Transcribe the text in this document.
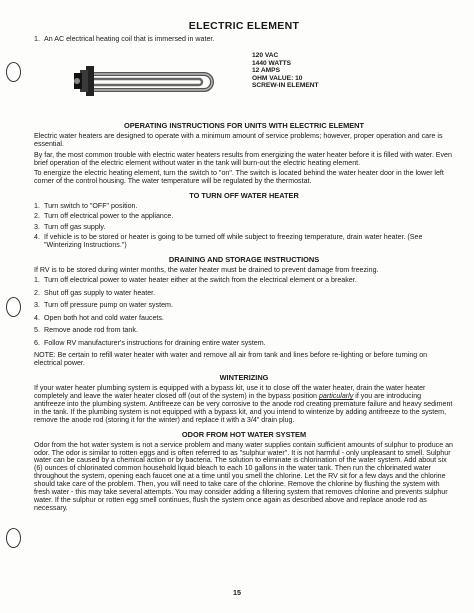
ELECTRIC ELEMENT
1. An AC electrical heating coil that is immersed in water.
120 VAC
1440 WATTS
12 AMPS
OHM VALUE: 10
SCREW-IN ELEMENT
OPERATING INSTRUCTIONS FOR UNITS WITH ELECTRIC ELEMENT

Electric water heaters are designed to operate with a minimum amount of service problems; however, proper operation and care is essential.

By far, the most common trouble with electric water heaters results from energizing the water heater before it is filled with water. Even brief operation of the electric element without water in the tank will burn-out the electric heating element.

To energize the electric heating element, turn the switch to "on". The switch is located behind the water heater door in the lower left corner of the control housing. The water temperature will be regulated by the thermostat.

TO TURN OFF WATER HEATER
1. Turn switch to "OFF" position.
2. Turn off electrical power to the appliance.
3. Turn off gas supply.
4. If vehicle is to be stored or heater is going to be turned off while subject to freezing temperature, drain water heater. (See "Winterizing Instructions.")
DRAINING AND STORAGE INSTRUCTIONS

If RV is to be stored during winter months, the water heater must be drained to prevent damage from freezing.

1. Turn off electrical power to water heater either at the switch from the electrical element or a breaker.
2. Shut off gas supply to water heater.
3. Turn off pressure pump on water system.
4. Open both hot and cold water faucets.
5. Remove anode rod from tank.
6. Follow RV manufacturer's instructions for draining entire water system.

NOTE: Be certain to refill water heater with water and remove all air from tank and lines before re-lighting or before turning on electrical power.

WINTERIZING

If your water heater plumbing system is equipped with a bypass kit, use it to close off the water heater, drain the water heater completely and leave the water heater closed off (out of the system) in the bypass position particularly if you are introducing antifreeze into the plumbing system. Antifreeze can be very corrosive to the anode rod creating premature failure and heavy sediment in the tank. If the plumbing system is not equipped with a bypass kit, and you intend to winterize by adding antifreeze to the system, remove the anode rod (storing it for the winter) and replace it with a 3/4" drain plug.

ODOR FROM HOT WATER SYSTEM

Odor from the hot water system is not a service problem and many water supplies contain sufficient amounts of sulphur to produce an odor. The odor is similar to rotten eggs and is often referred to as "sulphur water". It is not harmful - only unpleasant to smell. Sulphur water can be caused by a chemical action or by bacteria. The solution to eliminate is chlorination of the water system. Add about six (6) ounces of chlorinated common household liquid bleach to each 10 gallons in the water tank. Then run the chlorinated water throughout the system, opening each faucet one at a time until you smell the chlorine. Let the RV sit for a few days and the chlorine should take care of the problem. Then, you will need to take care of the chlorine. Remove the chlorine by flushing the system with fresh water - this may take several attempts. You may consider adding a filtering system that removes chlorine and prevents sulphur water. If the sulphur or rotten egg smell continues, flush the system once again as described above and replace anode rod as necessary.

15
